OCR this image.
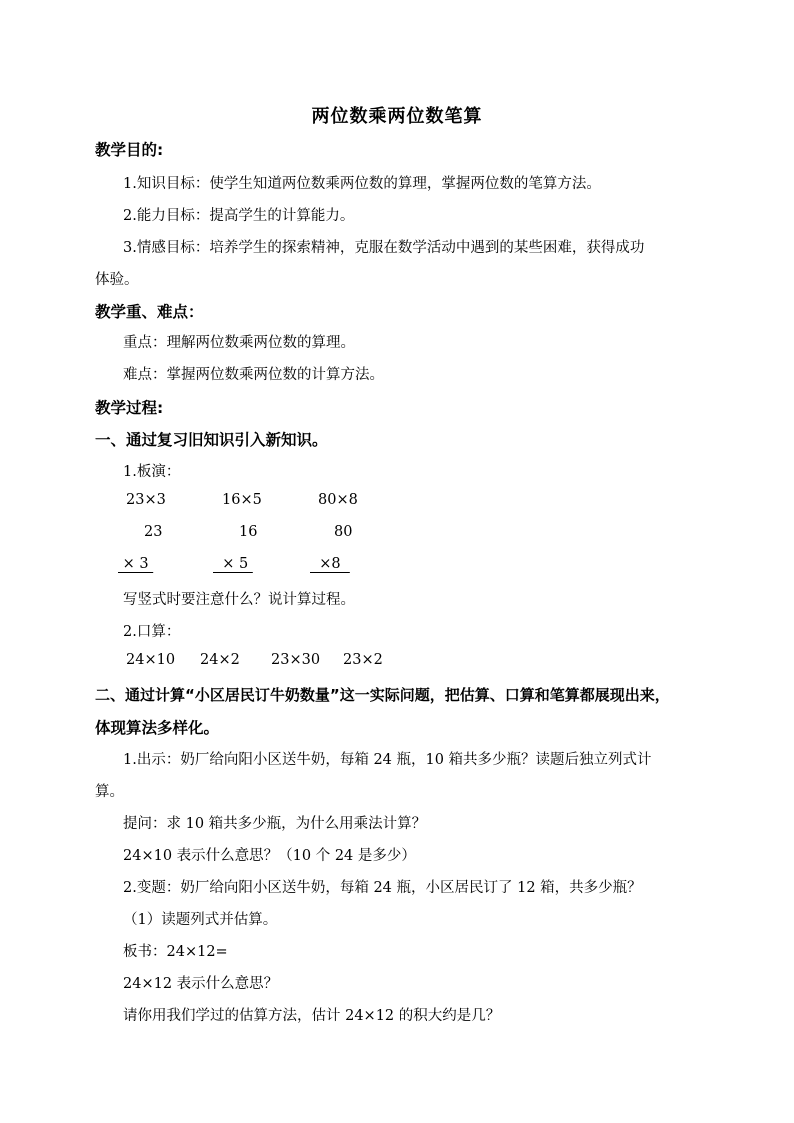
两位数乘两位数笔算
教学目的:
1.知识目标：使学生知道两位数乘两位数的算理，掌握两位数的笔算方法。
2.能力目标：提高学生的计算能力。
3.情感目标：培养学生的探索精神，克服在数学活动中遇到的某些困难，获得成功
体验。
教学重、难点：
重点：理解两位数乘两位数的算理。
难点：掌握两位数乘两位数的计算方法。
教学过程:
一、通过复习旧知识引入新知识。
1.板演：
23×3	16×5	80×8
23	16	80
× 3	× 5	×8
写竖式时要注意什么？说计算过程。
2.口算：
24×10 24×2 23×30 23×2
二、通过计算“小区居民订牛奶数量”这一实际问题，把估算、口算和笔算都展现出来，
体现算法多样化。
1.出示：奶厂给向阳小区送牛奶，每箱 24 瓶，10 箱共多少瓶？读题后独立列式计
算。
提问：求 10 箱共多少瓶，为什么用乘法计算？
24×10 表示什么意思？（10 个 24 是多少）
2.变题：奶厂给向阳小区送牛奶，每箱 24 瓶，小区居民订了 12 箱，共多少瓶？
（1）读题列式并估算。
板书：24×12=
24×12 表示什么意思？
请你用我们学过的估算方法，估计 24×12 的积大约是几？
